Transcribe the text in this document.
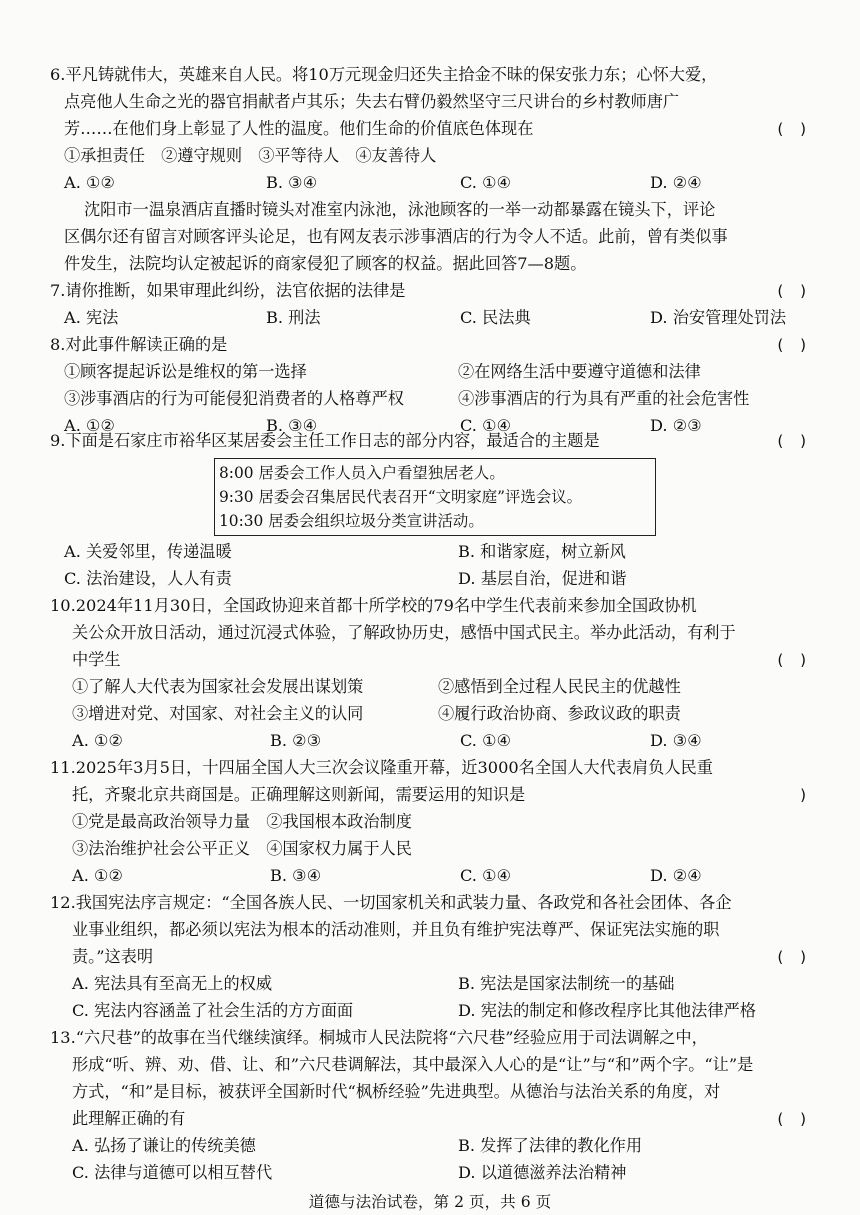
6.平凡铸就伟大，英雄来自人民。将10万元现金归还失主拾金不昧的保安张力东；心怀大爱，
点亮他人生命之光的器官捐献者卢其乐；失去右臂仍毅然坚守三尺讲台的乡村教师唐广
芳……在他们身上彰显了人性的温度。他们生命的价值底色体现在	( )
①承担责任　②遵守规则　③平等待人　④友善待人
A. ①②	B. ③④	C. ①④	D. ②④
沈阳市一温泉酒店直播时镜头对准室内泳池，泳池顾客的一举一动都暴露在镜头下，评论
区偶尔还有留言对顾客评头论足，也有网友表示涉事酒店的行为令人不适。此前，曾有类似事
件发生，法院均认定被起诉的商家侵犯了顾客的权益。据此回答7—8题。
7.请你推断，如果审理此纠纷，法官依据的法律是	( )
A. 宪法	B. 刑法	C. 民法典	D. 治安管理处罚法
8.对此事件解读正确的是	( )
①顾客提起诉讼是维权的第一选择	②在网络生活中要遵守道德和法律
③涉事酒店的行为可能侵犯消费者的人格尊严权	④涉事酒店的行为具有严重的社会危害性
A. ①②	B. ③④	C. ①④	D. ②③
9.下面是石家庄市裕华区某居委会主任工作日志的部分内容，最适合的主题是	( )
8:00 居委会工作人员入户看望独居老人。
9:30 居委会召集居民代表召开“文明家庭”评选会议。
10:30 居委会组织垃圾分类宣讲活动。
A. 关爱邻里，传递温暖	B. 和谐家庭，树立新风
C. 法治建设，人人有责	D. 基层自治，促进和谐
10.2024年11月30日，全国政协迎来首都十所学校的79名中学生代表前来参加全国政协机
关公众开放日活动，通过沉浸式体验，了解政协历史，感悟中国式民主。举办此活动，有利于
中学生	( )
①了解人大代表为国家社会发展出谋划策	②感悟到全过程人民民主的优越性
③增进对党、对国家、对社会主义的认同	④履行政治协商、参政议政的职责
A. ①②	B. ②③	C. ①④	D. ③④
11.2025年3月5日，十四届全国人大三次会议隆重开幕，近3000名全国人大代表肩负人民重
托，齐聚北京共商国是。正确理解这则新闻，需要运用的知识是	)
①党是最高政治领导力量　②我国根本政治制度
③法治维护社会公平正义　④国家权力属于人民
A. ①②	B. ③④	C. ①④	D. ②④
12.我国宪法序言规定：“全国各族人民、一切国家机关和武装力量、各政党和各社会团体、各企
业事业组织，都必须以宪法为根本的活动准则，并且负有维护宪法尊严、保证宪法实施的职
责。”这表明	( )
A. 宪法具有至高无上的权威	B. 宪法是国家法制统一的基础
C. 宪法内容涵盖了社会生活的方方面面	D. 宪法的制定和修改程序比其他法律严格
13.“六尺巷”的故事在当代继续演绎。桐城市人民法院将“六尺巷”经验应用于司法调解之中，
形成“听、辨、劝、借、让、和”六尺巷调解法，其中最深入人心的是“让”与“和”两个字。“让”是
方式，“和”是目标，被获评全国新时代“枫桥经验”先进典型。从德治与法治关系的角度，对
此理解正确的有	( )
A. 弘扬了谦让的传统美德	B. 发挥了法律的教化作用
C. 法律与道德可以相互替代	D. 以道德滋养法治精神
道德与法治试卷，第 2 页，共 6 页
